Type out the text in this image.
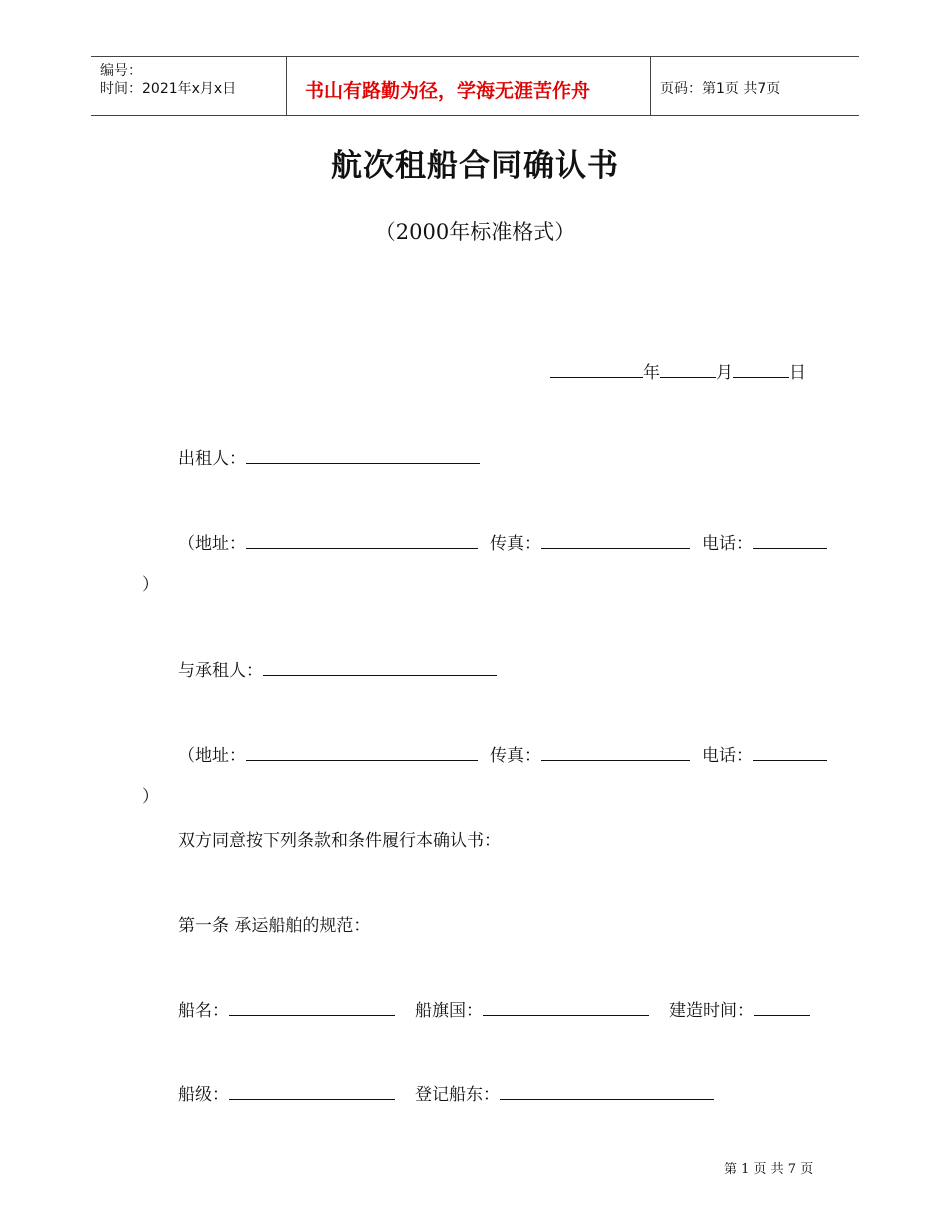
编号：
时间：2021年x月x日	书山有路勤为径，学海无涯苦作舟	页码：第1页 共7页
航次租船合同确认书
（2000年标准格式）
年	月	日
出租人：
（地址：	传真：	电话：
）
与承租人：
（地址：	传真：	电话：
）
双方同意按下列条款和条件履行本确认书：
第一条 承运船舶的规范：
船名：	船旗国：	建造时间：
船级：	登记船东：
第 1 页 共 7 页
